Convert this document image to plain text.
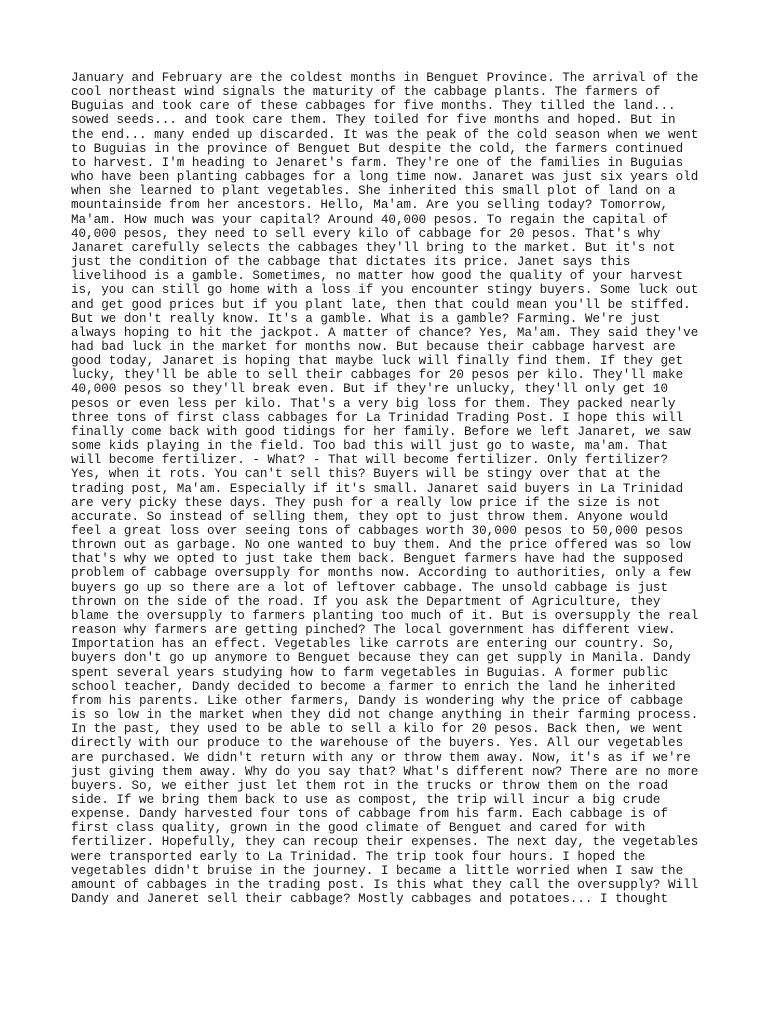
January and February are the coldest months in Benguet Province. The arrival of the
cool northeast wind signals the maturity of the cabbage plants. The farmers of
Buguias and took care of these cabbages for five months. They tilled the land...
sowed seeds... and took care them. They toiled for five months and hoped. But in
the end... many ended up discarded. It was the peak of the cold season when we went
to Buguias in the province of Benguet But despite the cold, the farmers continued
to harvest. I'm heading to Jenaret's farm. They're one of the families in Buguias
who have been planting cabbages for a long time now. Janaret was just six years old
when she learned to plant vegetables. She inherited this small plot of land on a
mountainside from her ancestors. Hello, Ma'am. Are you selling today? Tomorrow,
Ma'am. How much was your capital? Around 40,000 pesos. To regain the capital of
40,000 pesos, they need to sell every kilo of cabbage for 20 pesos. That's why
Janaret carefully selects the cabbages they'll bring to the market. But it's not
just the condition of the cabbage that dictates its price. Janet says this
livelihood is a gamble. Sometimes, no matter how good the quality of your harvest
is, you can still go home with a loss if you encounter stingy buyers. Some luck out
and get good prices but if you plant late, then that could mean you'll be stiffed.
But we don't really know. It's a gamble. What is a gamble? Farming. We're just
always hoping to hit the jackpot. A matter of chance? Yes, Ma'am. They said they've
had bad luck in the market for months now. But because their cabbage harvest are
good today, Janaret is hoping that maybe luck will finally find them. If they get
lucky, they'll be able to sell their cabbages for 20 pesos per kilo. They'll make
40,000 pesos so they'll break even. But if they're unlucky, they'll only get 10
pesos or even less per kilo. That's a very big loss for them. They packed nearly
three tons of first class cabbages for La Trinidad Trading Post. I hope this will
finally come back with good tidings for her family. Before we left Janaret, we saw
some kids playing in the field. Too bad this will just go to waste, ma'am. That
will become fertilizer. - What? - That will become fertilizer. Only fertilizer?
Yes, when it rots. You can't sell this? Buyers will be stingy over that at the
trading post, Ma'am. Especially if it's small. Janaret said buyers in La Trinidad
are very picky these days. They push for a really low price if the size is not
accurate. So instead of selling them, they opt to just throw them. Anyone would
feel a great loss over seeing tons of cabbages worth 30,000 pesos to 50,000 pesos
thrown out as garbage. No one wanted to buy them. And the price offered was so low
that's why we opted to just take them back. Benguet farmers have had the supposed
problem of cabbage oversupply for months now. According to authorities, only a few
buyers go up so there are a lot of leftover cabbage. The unsold cabbage is just
thrown on the side of the road. If you ask the Department of Agriculture, they
blame the oversupply to farmers planting too much of it. But is oversupply the real
reason why farmers are getting pinched? The local government has different view.
Importation has an effect. Vegetables like carrots are entering our country. So,
buyers don't go up anymore to Benguet because they can get supply in Manila. Dandy
spent several years studying how to farm vegetables in Buguias. A former public
school teacher, Dandy decided to become a farmer to enrich the land he inherited
from his parents. Like other farmers, Dandy is wondering why the price of cabbage
is so low in the market when they did not change anything in their farming process.
In the past, they used to be able to sell a kilo for 20 pesos. Back then, we went
directly with our produce to the warehouse of the buyers. Yes. All our vegetables
are purchased. We didn't return with any or throw them away. Now, it's as if we're
just giving them away. Why do you say that? What's different now? There are no more
buyers. So, we either just let them rot in the trucks or throw them on the road
side. If we bring them back to use as compost, the trip will incur a big crude
expense. Dandy harvested four tons of cabbage from his farm. Each cabbage is of
first class quality, grown in the good climate of Benguet and cared for with
fertilizer. Hopefully, they can recoup their expenses. The next day, the vegetables
were transported early to La Trinidad. The trip took four hours. I hoped the
vegetables didn't bruise in the journey. I became a little worried when I saw the
amount of cabbages in the trading post. Is this what they call the oversupply? Will
Dandy and Janeret sell their cabbage? Mostly cabbages and potatoes... I thought
